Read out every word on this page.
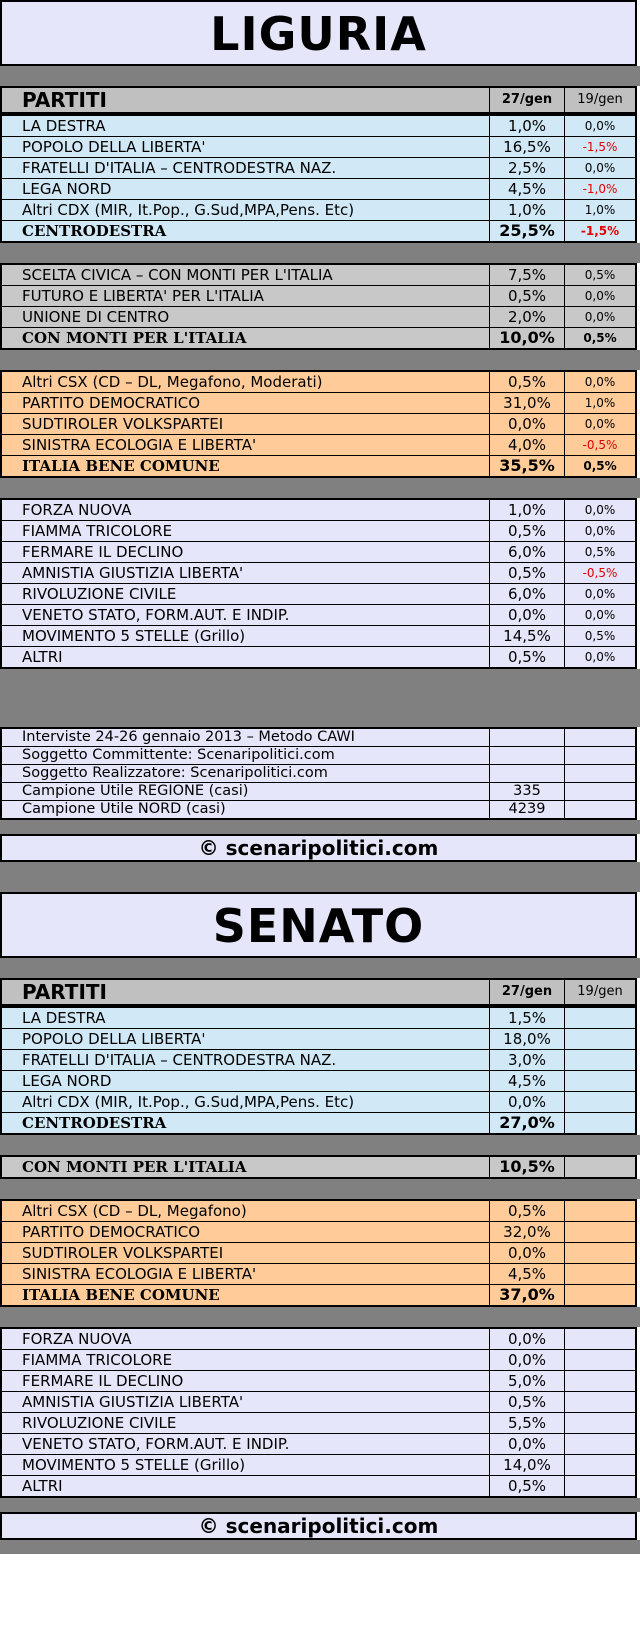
LIGURIA
PARTITI	27/gen	19/gen
LA DESTRA	1,0%	0,0%
POPOLO DELLA LIBERTA'	16,5%	-1,5%
FRATELLI D'ITALIA – CENTRODESTRA NAZ.	2,5%	0,0%
LEGA NORD	4,5%	-1,0%
Altri CDX (MIR, It.Pop., G.Sud,MPA,Pens. Etc)	1,0%	1,0%
CENTRODESTRA	25,5%	-1,5%
SCELTA CIVICA – CON MONTI PER L'ITALIA	7,5%	0,5%
FUTURO E LIBERTA' PER L'ITALIA	0,5%	0,0%
UNIONE DI CENTRO	2,0%	0,0%
CON MONTI PER L'ITALIA	10,0%	0,5%
Altri CSX (CD – DL, Megafono, Moderati)	0,5%	0,0%
PARTITO DEMOCRATICO	31,0%	1,0%
SUDTIROLER VOLKSPARTEI	0,0%	0,0%
SINISTRA ECOLOGIA E LIBERTA'	4,0%	-0,5%
ITALIA BENE COMUNE	35,5%	0,5%
FORZA NUOVA	1,0%	0,0%
FIAMMA TRICOLORE	0,5%	0,0%
FERMARE IL DECLINO	6,0%	0,5%
AMNISTIA GIUSTIZIA LIBERTA'	0,5%	-0,5%
RIVOLUZIONE CIVILE	6,0%	0,0%
VENETO STATO, FORM.AUT. E INDIP.	0,0%	0,0%
MOVIMENTO 5 STELLE (Grillo)	14,5%	0,5%
ALTRI	0,5%	0,0%
Interviste 24-26 gennaio 2013 – Metodo CAWI		
Soggetto Committente: Scenaripolitici.com		
Soggetto Realizzatore: Scenaripolitici.com		
Campione Utile REGIONE (casi)	335	
Campione Utile NORD (casi)	4239	
© scenaripolitici.com
SENATO
PARTITI	27/gen	19/gen
LA DESTRA	1,5%	
POPOLO DELLA LIBERTA'	18,0%	
FRATELLI D'ITALIA – CENTRODESTRA NAZ.	3,0%	
LEGA NORD	4,5%	
Altri CDX (MIR, It.Pop., G.Sud,MPA,Pens. Etc)	0,0%	
CENTRODESTRA	27,0%	
CON MONTI PER L'ITALIA	10,5%	
Altri CSX (CD – DL, Megafono)	0,5%	
PARTITO DEMOCRATICO	32,0%	
SUDTIROLER VOLKSPARTEI	0,0%	
SINISTRA ECOLOGIA E LIBERTA'	4,5%	
ITALIA BENE COMUNE	37,0%	
FORZA NUOVA	0,0%	
FIAMMA TRICOLORE	0,0%	
FERMARE IL DECLINO	5,0%	
AMNISTIA GIUSTIZIA LIBERTA'	0,5%	
RIVOLUZIONE CIVILE	5,5%	
VENETO STATO, FORM.AUT. E INDIP.	0,0%	
MOVIMENTO 5 STELLE (Grillo)	14,0%	
ALTRI	0,5%	
© scenaripolitici.com
